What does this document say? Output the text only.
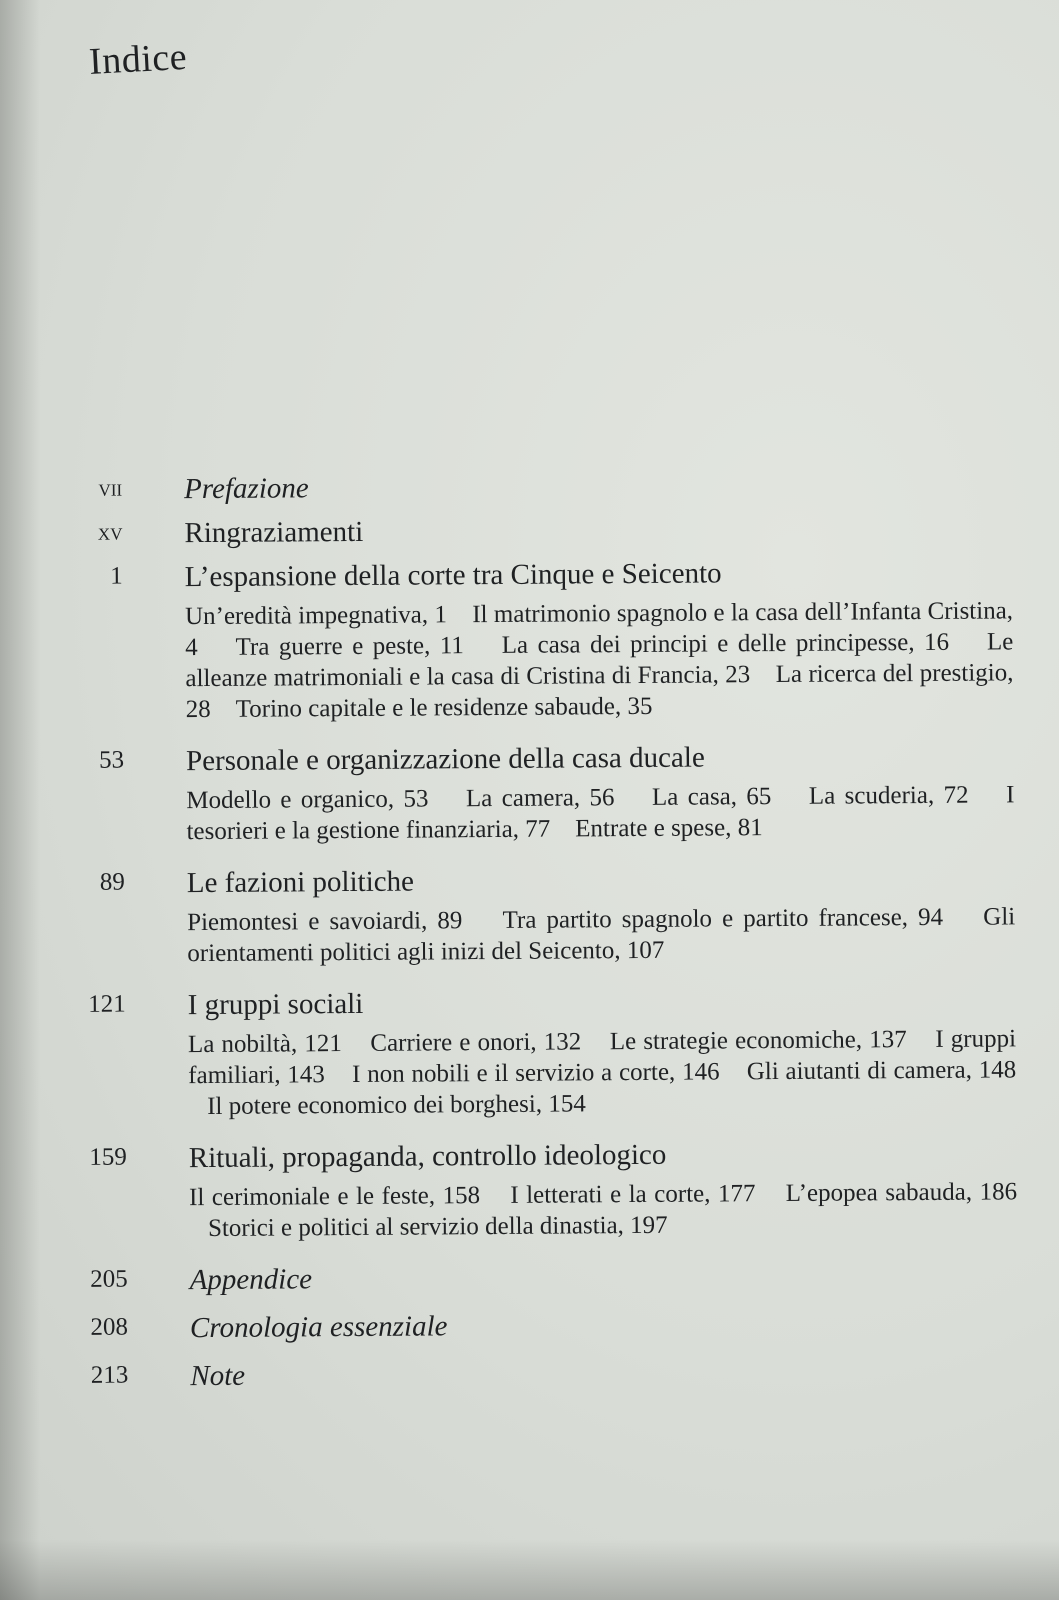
Indice
vii Prefazione
xv Ringraziamenti
1 L’espansione della corte tra Cinque e Seicento
Un’eredità impegnativa, 1 Il matrimonio spagnolo e la casa dell’Infanta Cristina, 4 Tra guerre e peste, 11 La casa dei principi e delle principesse, 16 Le alleanze matrimoniali e la casa di Cristina di Francia, 23 La ricerca del prestigio, 28 Torino capitale e le residenze sabaude, 35
53 Personale e organizzazione della casa ducale
Modello e organico, 53 La camera, 56 La casa, 65 La scuderia, 72 I tesorieri e la gestione finanziaria, 77 Entrate e spese, 81
89 Le fazioni politiche
Piemontesi e savoiardi, 89 Tra partito spagnolo e partito francese, 94 Gli orientamenti politici agli inizi del Seicento, 107
121 I gruppi sociali
La nobiltà, 121 Carriere e onori, 132 Le strategie economiche, 137 I gruppi familiari, 143 I non nobili e il servizio a corte, 146 Gli aiutanti di camera, 148 Il potere economico dei borghesi, 154
159 Rituali, propaganda, controllo ideologico
Il cerimoniale e le feste, 158 I letterati e la corte, 177 L’epopea sabauda, 186 Storici e politici al servizio della dinastia, 197
205 Appendice
208 Cronologia essenziale
213 Note
